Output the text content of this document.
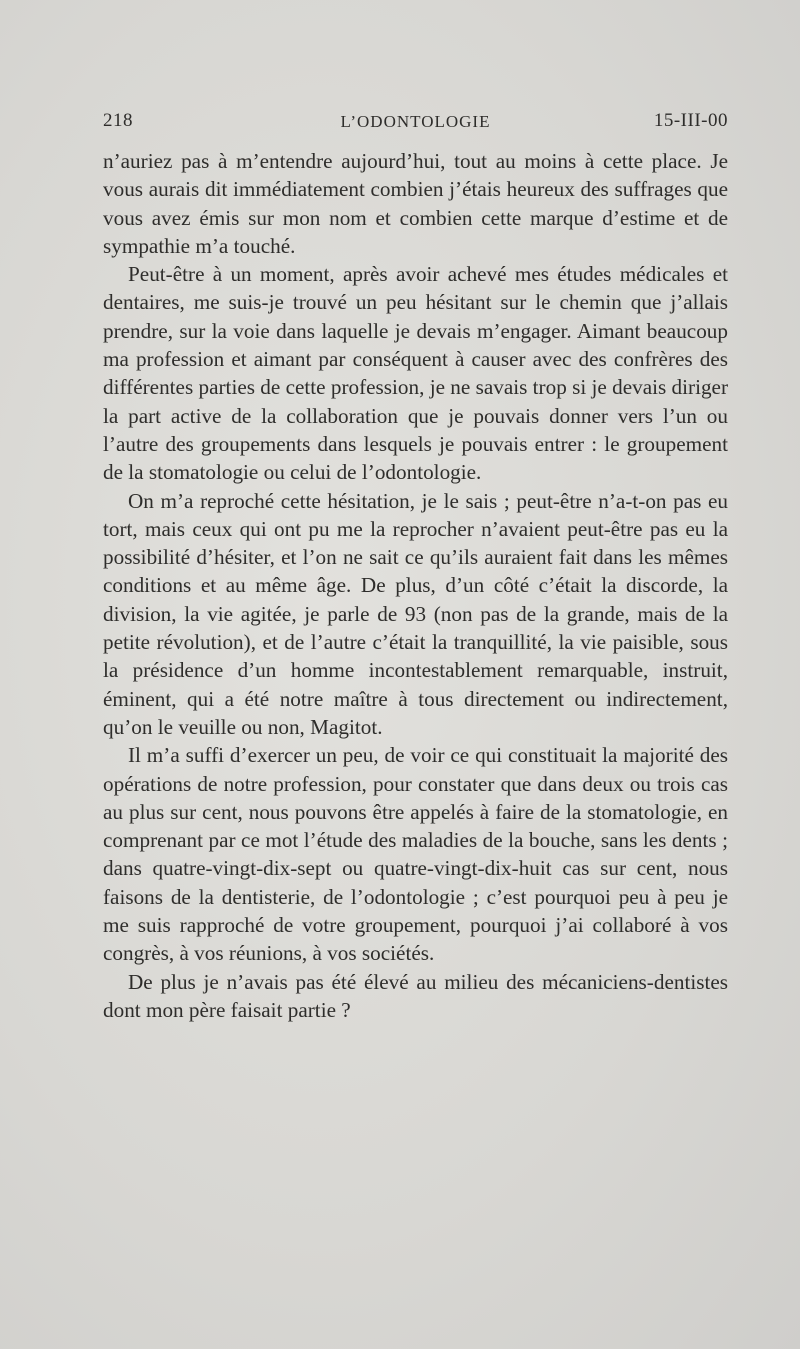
218	L’ODONTOLOGIE	15-III-00

n’auriez pas à m’entendre aujourd’hui, tout au moins à cette place. Je vous aurais dit immédiatement combien j’étais heureux des suffrages que vous avez émis sur mon nom et combien cette marque d’estime et de sympathie m’a touché.

Peut-être à un moment, après avoir achevé mes études médicales et dentaires, me suis-je trouvé un peu hésitant sur le chemin que j’allais prendre, sur la voie dans laquelle je devais m’engager. Aimant beaucoup ma profession et aimant par conséquent à causer avec des confrères des différentes parties de cette profession, je ne savais trop si je devais diriger la part active de la collaboration que je pouvais donner vers l’un ou l’autre des groupements dans lesquels je pouvais entrer : le groupement de la stomatologie ou celui de l’odontologie.

On m’a reproché cette hésitation, je le sais ; peut-être n’a-t-on pas eu tort, mais ceux qui ont pu me la reprocher n’avaient peut-être pas eu la possibilité d’hésiter, et l’on ne sait ce qu’ils auraient fait dans les mêmes conditions et au même âge. De plus, d’un côté c’était la discorde, la division, la vie agitée, je parle de 93 (non pas de la grande, mais de la petite révolution), et de l’autre c’était la tranquillité, la vie paisible, sous la présidence d’un homme incontestablement remarquable, instruit, éminent, qui a été notre maître à tous directement ou indirectement, qu’on le veuille ou non, Magitot.

Il m’a suffi d’exercer un peu, de voir ce qui constituait la majorité des opérations de notre profession, pour constater que dans deux ou trois cas au plus sur cent, nous pouvons être appelés à faire de la stomatologie, en comprenant par ce mot l’étude des maladies de la bouche, sans les dents ; dans quatre-vingt-dix-sept ou quatre-vingt-dix-huit cas sur cent, nous faisons de la dentisterie, de l’odontologie ; c’est pourquoi peu à peu je me suis rapproché de votre groupement, pourquoi j’ai collaboré à vos congrès, à vos réunions, à vos sociétés.

De plus je n’avais pas été élevé au milieu des mécaniciens-dentistes dont mon père faisait partie ?
